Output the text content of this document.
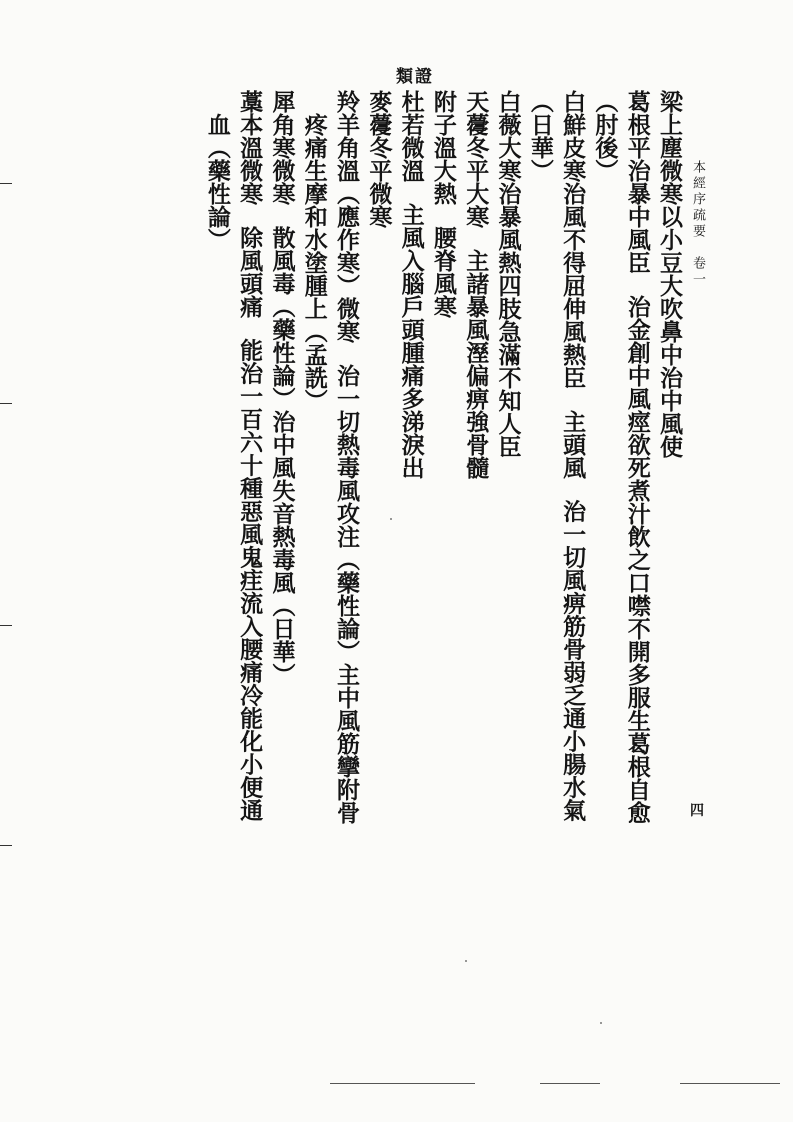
本經序疏要　卷一
四
類證
梁上塵微寒以小豆大吹鼻中治中風使
葛根平治暴中風臣治金創中風痙欲死煮汁飲之口噤不開多服生葛根自愈
（肘後）
白鮮皮寒治風不得屈伸風熱臣主頭風治一切風痹筋骨弱乏通小腸水氣
（日華）
白薇大寒治暴風熱四肢急滿不知人臣
天蘉冬平大寒主諸暴風溼偏痹強骨髓
附子溫大熱腰脊風寒
杜若微溫主風入腦戶頭腫痛多涕淚出
麥蘉冬平微寒
羚羊角溫（應作寒）微寒治一切熱毒風攻注（藥性論）主中風筋攣附骨
　疼痛生摩和水塗腫上（孟詵）
犀角寒微寒散風毒（藥性論）治中風失音熱毒風（日華）
藁本溫微寒除風頭痛能治一百六十種惡風鬼疰流入腰痛冷能化小便通
　血（藥性論）
